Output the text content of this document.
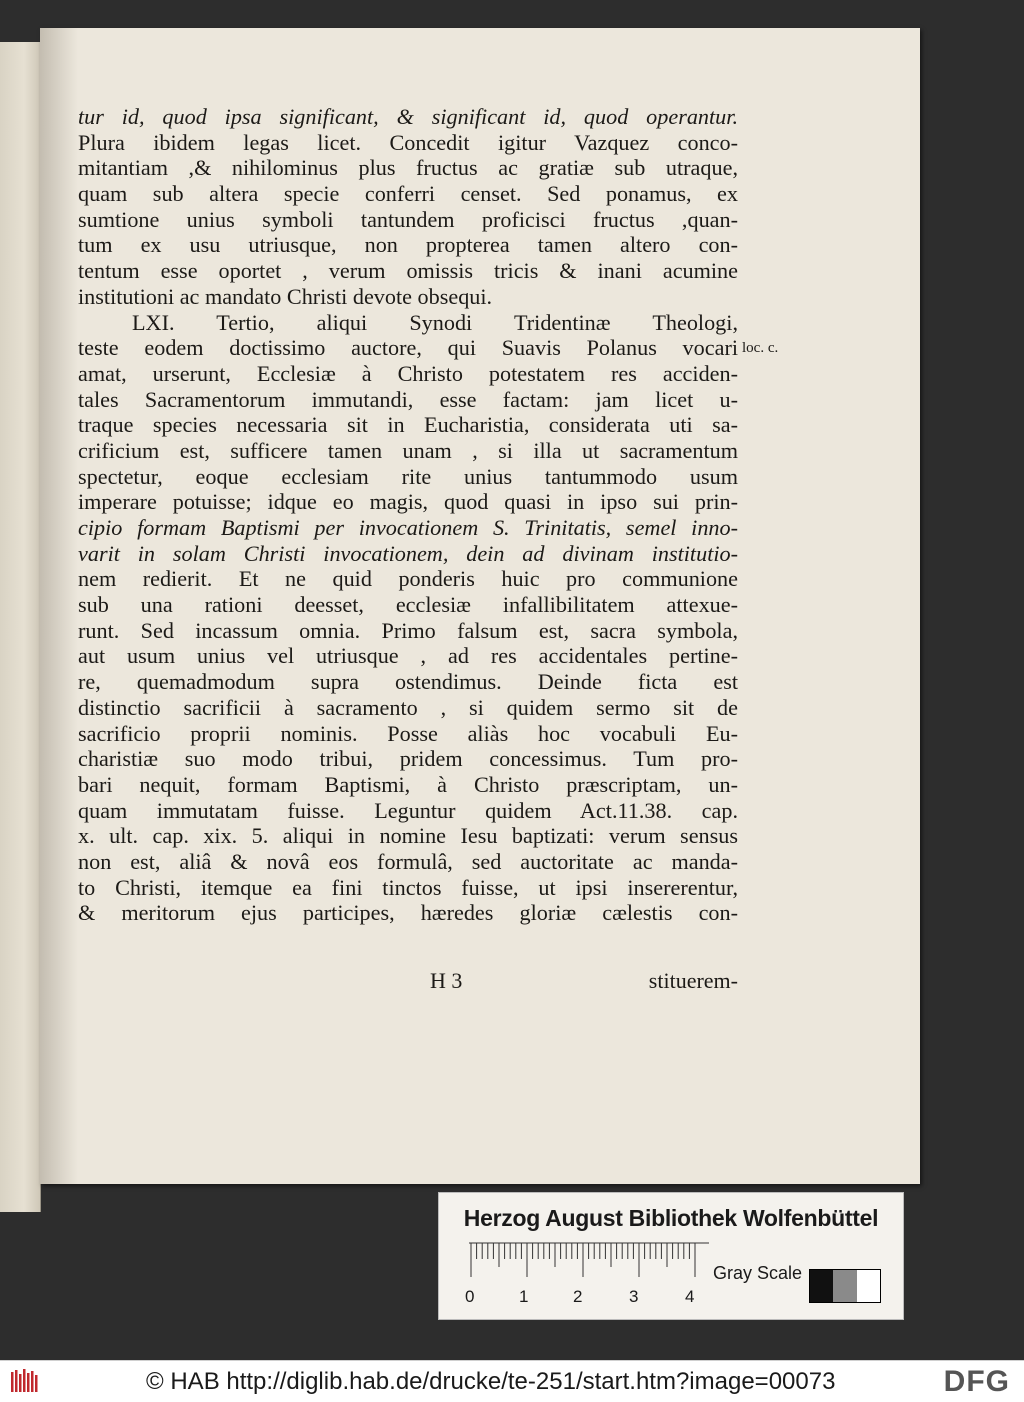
tur id, quod ipsa significant, & significant id, quod operantur.
Plura ibidem legas licet. Concedit igitur Vazquez conco-
mitantiam ,& nihilominus plus fructus ac gratiæ sub utraque,
quam sub altera specie conferri censet. Sed ponamus, ex
sumtione unius symboli tantundem proficisci fructus ,quan-
tum ex usu utriusque, non propterea tamen altero con-
tentum esse oportet , verum omissis tricis & inani acumine
institutioni ac mandato Christi devote obsequi.
LXI. Tertio, aliqui Synodi Tridentinæ Theologi,
teste eodem doctissimo auctore, qui Suavis Polanus vocari
amat, urserunt, Ecclesiæ à Christo potestatem res acciden-
tales Sacramentorum immutandi, esse factam: jam licet u-
traque species necessaria sit in Eucharistia, considerata uti sa-
crificium est, sufficere tamen unam , si illa ut sacramentum
spectetur, eoque ecclesiam rite unius tantummodo usum
imperare potuisse; idque eo magis, quod quasi in ipso sui prin-
cipio formam Baptismi per invocationem S. Trinitatis, semel inno-
varit in solam Christi invocationem, dein ad divinam institutio-
nem redierit. Et ne quid ponderis huic pro communione
sub una rationi deesset, ecclesiæ infallibilitatem attexue-
runt. Sed incassum omnia. Primo falsum est, sacra symbola,
aut usum unius vel utriusque , ad res accidentales pertine-
re, quemadmodum supra ostendimus. Deinde ficta est
distinctio sacrificii à sacramento , si quidem sermo sit de
sacrificio proprii nominis. Posse aliàs hoc vocabuli Eu-
charistiæ suo modo tribui, pridem concessimus. Tum pro-
bari nequit, formam Baptismi, à Christo præscriptam, un-
quam immutatam fuisse. Leguntur quidem Act.11.38. cap.
x. ult. cap. xix. 5. aliqui in nomine Iesu baptizati: verum sensus
non est, aliâ & novâ eos formulâ, sed auctoritate ac manda-
to Christi, itemque ea fini tinctos fuisse, ut ipsi insererentur,
& meritorum ejus participes, hæredes gloriæ cælestis con-
loc. c.
H 3	stituerem-
Herzog August Bibliothek Wolfenbüttel
0	1	2	3	4
Gray Scale
© HAB http://diglib.hab.de/drucke/te-251/start.htm?image=00073	DFG
